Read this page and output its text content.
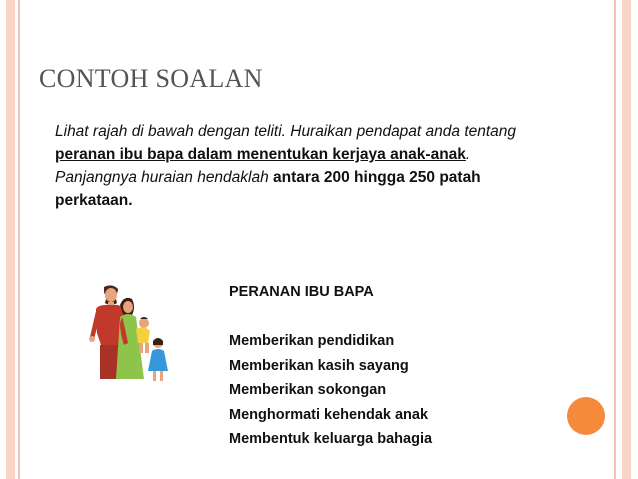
CONTOH SOALAN

Lihat rajah di bawah dengan teliti. Huraikan pendapat anda tentang peranan ibu bapa dalam menentukan kerjaya anak-anak. Panjangnya huraian hendaklah antara 200 hingga 250 patah perkataan.

PERANAN IBU BAPA
Memberikan pendidikan
Memberikan kasih sayang
Memberikan sokongan
Menghormati kehendak anak
Membentuk keluarga bahagia
